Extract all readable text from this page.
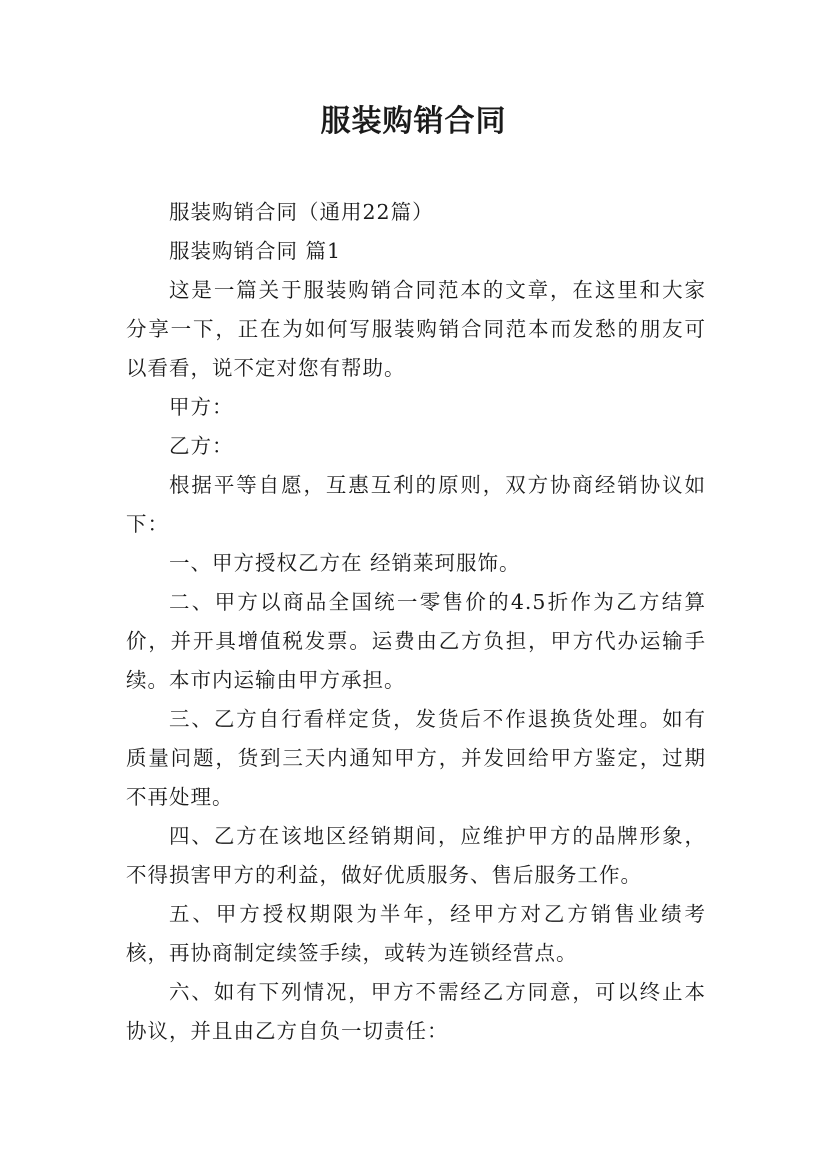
服装购销合同

服装购销合同（通用22篇）

服装购销合同 篇1

这是一篇关于服装购销合同范本的文章，在这里和大家分享一下，正在为如何写服装购销合同范本而发愁的朋友可以看看，说不定对您有帮助。

甲方：

乙方：

根据平等自愿，互惠互利的原则，双方协商经销协议如下：

一、甲方授权乙方在 经销莱珂服饰。

二、甲方以商品全国统一零售价的4.5折作为乙方结算价，并开具增值税发票。运费由乙方负担，甲方代办运输手续。本市内运输由甲方承担。

三、乙方自行看样定货，发货后不作退换货处理。如有质量问题，货到三天内通知甲方，并发回给甲方鉴定，过期不再处理。

四、乙方在该地区经销期间，应维护甲方的品牌形象，不得损害甲方的利益，做好优质服务、售后服务工作。

五、甲方授权期限为半年，经甲方对乙方销售业绩考核，再协商制定续签手续，或转为连锁经营点。

六、如有下列情况，甲方不需经乙方同意，可以终止本协议，并且由乙方自负一切责任：
